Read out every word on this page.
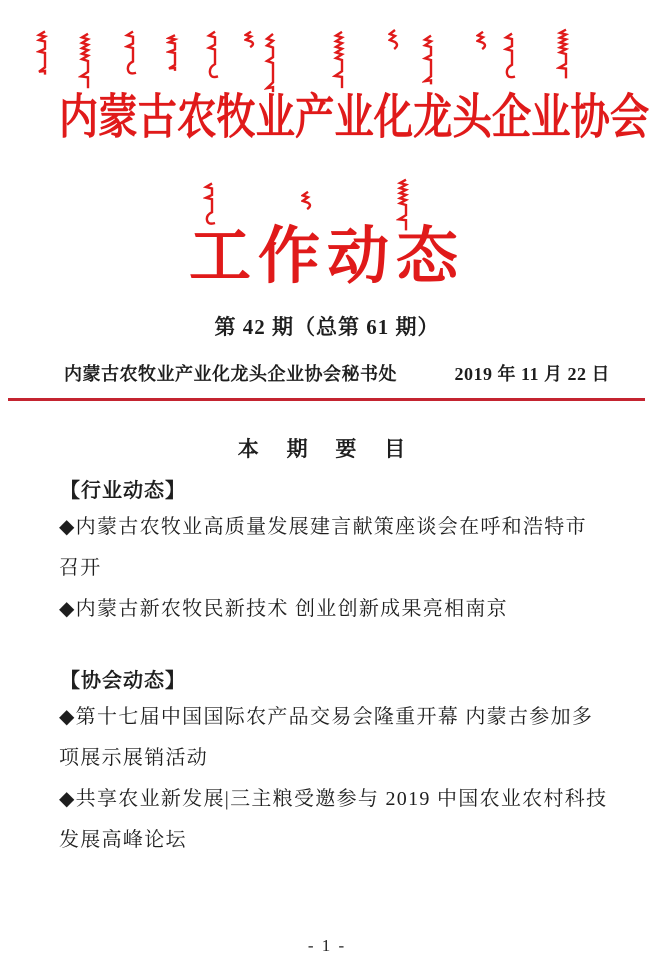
内蒙古农牧业产业化龙头企业协会
工作动态
第 42 期（总第 61 期）
内蒙古农牧业产业化龙头企业协会秘书处	2019 年 11 月 22 日
本 期 要 目
【行业动态】
◆内蒙古农牧业高质量发展建言献策座谈会在呼和浩特市
召开
◆内蒙古新农牧民新技术 创业创新成果亮相南京
【协会动态】
◆第十七届中国国际农产品交易会隆重开幕 内蒙古参加多
项展示展销活动
◆共享农业新发展|三主粮受邀参与 2019 中国农业农村科技
发展高峰论坛
- 1 -
